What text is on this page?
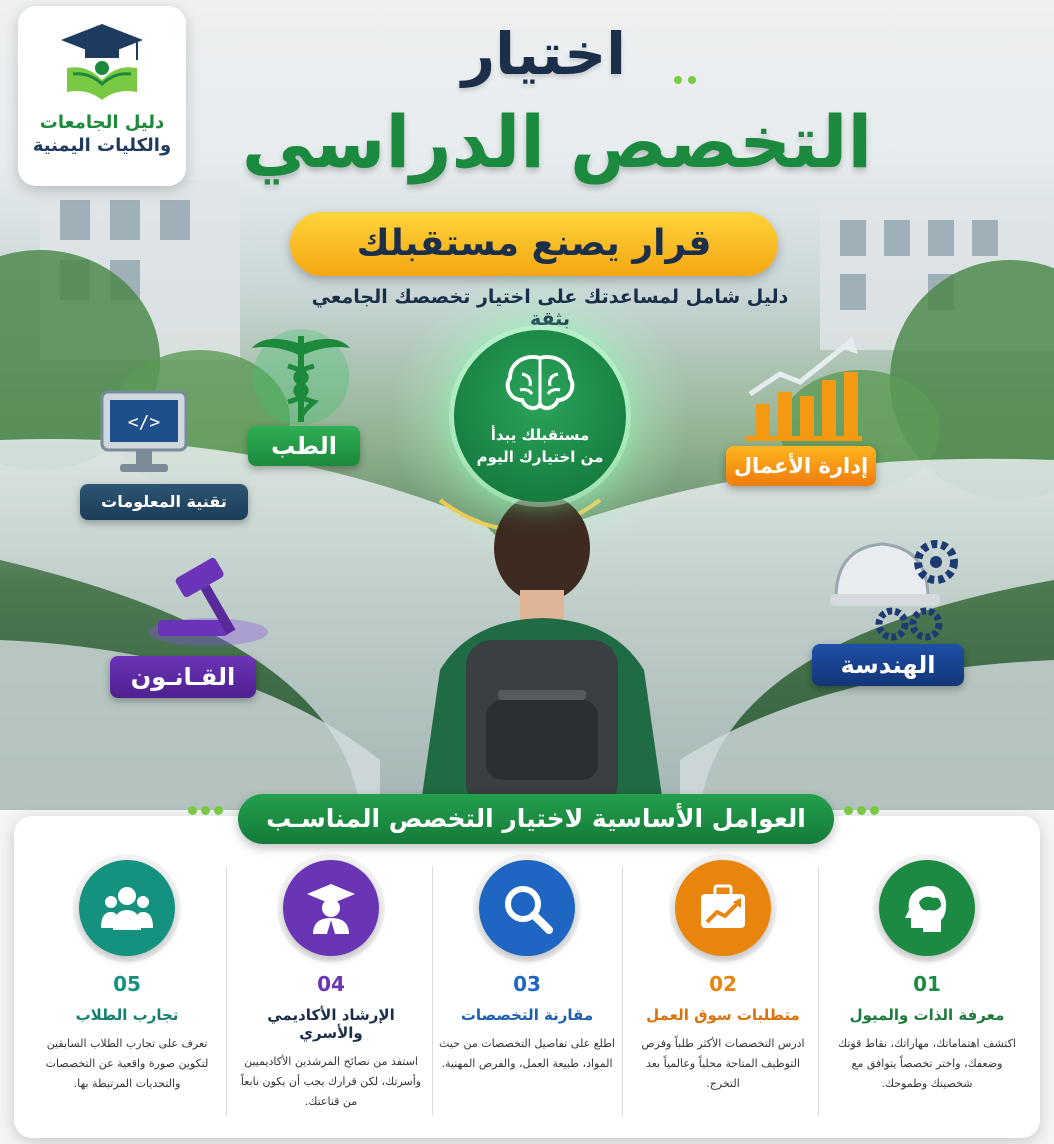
دليل الجامعات
والكليات اليمنية
اختيار
التخصص الدراسي
قرار يصنع مستقبلك
دليل شامل لمساعدتك على اختيار تخصصك الجامعي بثقة
مستقبلك يبدأ
من اختيارك اليوم
الطب
</>
تقنية المعلومات
إدارة الأعمال
القـانـون	الهندسة
العوامل الأساسية لاختيار التخصص المناسـب
01
معرفة الذات والميول
اكتشف اهتماماتك، مهاراتك، نقاط قوتك وضعفك، واختر تخصصاً يتوافق مع شخصيتك وطموحك.
02
متطلبات سوق العمل
ادرس التخصصات الأكثر طلباً وفرص التوظيف المتاحة محلياً وعالمياً بعد التخرج.
03
مقارنة التخصصات
اطلع على تفاصيل التخصصات من حيث المواد، طبيعة العمل، والفرص المهنية.
04
الإرشاد الأكاديمي والأسري
استفد من نصائح المرشدين الأكاديميين وأسرتك، لكن قرارك يجب أن يكون نابعاً من قناعتك.
05
تجارب الطلاب
تعرف على تجارب الطلاب السابقين لتكوين صورة واقعية عن التخصصات والتحديات المرتبطة بها.
